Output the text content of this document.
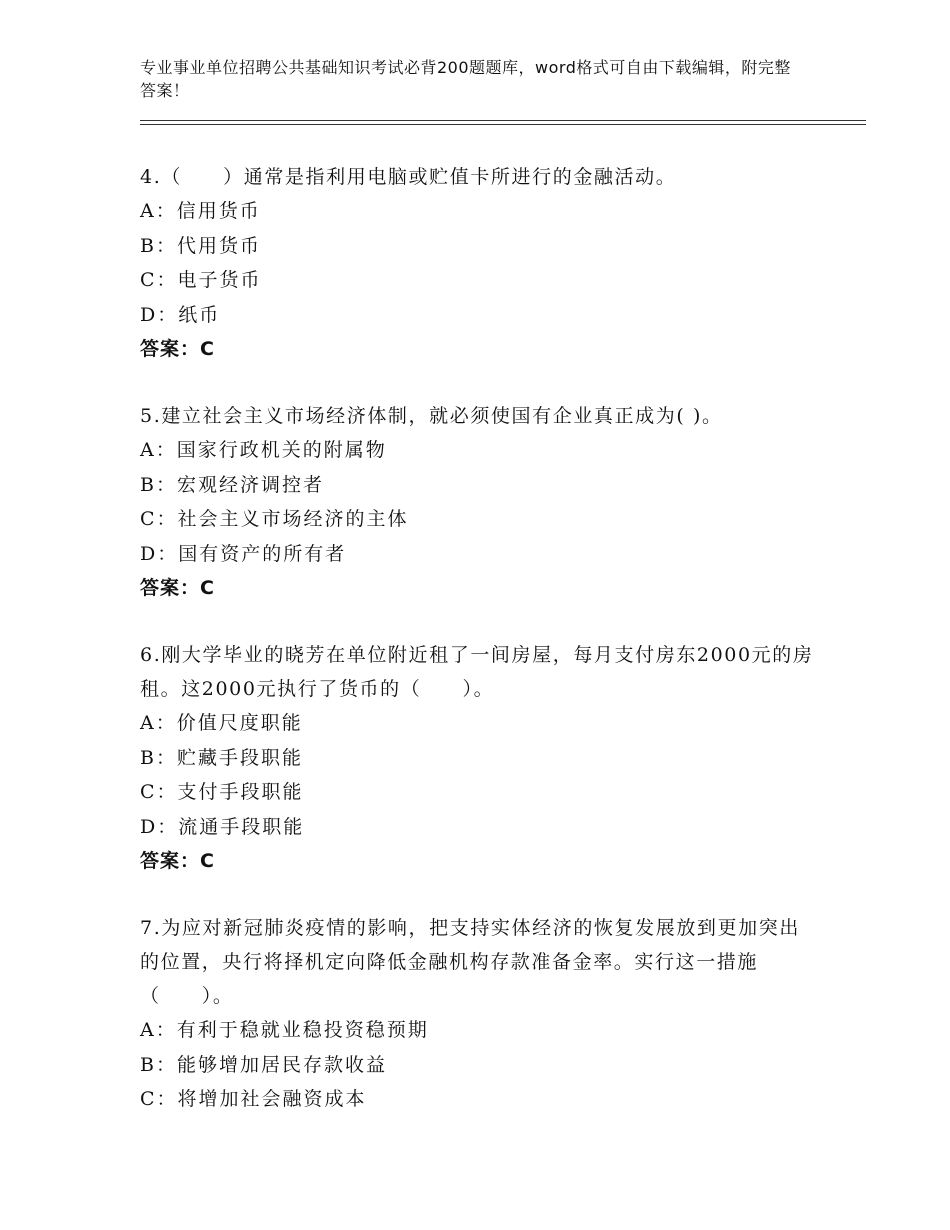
专业事业单位招聘公共基础知识考试必背200题题库，word格式可自由下载编辑，附完整答案！

4.（　　）通常是指利用电脑或贮值卡所进行的金融活动。

A：信用货币

B：代用货币

C：电子货币

D：纸币

答案：C

5.建立社会主义市场经济体制，就必须使国有企业真正成为( )。

A：国家行政机关的附属物

B：宏观经济调控者

C：社会主义市场经济的主体

D：国有资产的所有者

答案：C

6.刚大学毕业的晓芳在单位附近租了一间房屋，每月支付房东2000元的房租。这2000元执行了货币的（　　）。

A：价值尺度职能

B：贮藏手段职能

C：支付手段职能

D：流通手段职能

答案：C

7.为应对新冠肺炎疫情的影响，把支持实体经济的恢复发展放到更加突出的位置，央行将择机定向降低金融机构存款准备金率。实行这一措施（　　）。

A：有利于稳就业稳投资稳预期

B：能够增加居民存款收益

C：将增加社会融资成本
